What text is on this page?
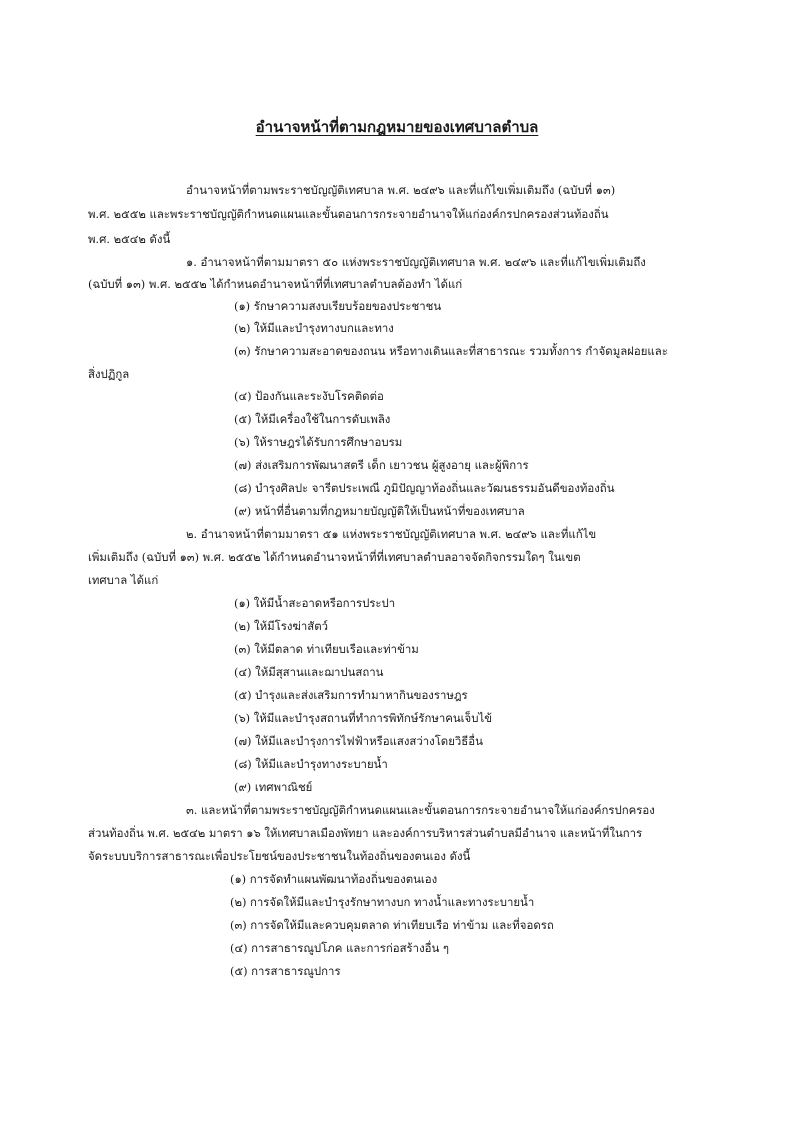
อำนาจหน้าที่ตามกฎหมายของเทศบาลตำบล

อำนาจหน้าที่ตามพระราชบัญญัติเทศบาล พ.ศ. ๒๔๙๖ และที่แก้ไขเพิ่มเติมถึง (ฉบับที่ ๑๓)

พ.ศ. ๒๕๕๒ และพระราชบัญญัติกำหนดแผนและขั้นตอนการกระจายอำนาจให้แก่องค์กรปกครองส่วนท้องถิ่น

พ.ศ. ๒๕๔๒ ดังนี้

๑. อำนาจหน้าที่ตามมาตรา ๕๐ แห่งพระราชบัญญัติเทศบาล พ.ศ. ๒๔๙๖ และที่แก้ไขเพิ่มเติมถึง

(ฉบับที่ ๑๓) พ.ศ. ๒๕๕๒ ได้กำหนดอำนาจหน้าที่ที่เทศบาลตำบลต้องทำ ได้แก่

(๑) รักษาความสงบเรียบร้อยของประชาชน

(๒) ให้มีและบำรุงทางบกและทาง

(๓) รักษาความสะอาดของถนน หรือทางเดินและที่สาธารณะ รวมทั้งการ กำจัดมูลฝอยและ

สิ่งปฏิกูล

(๔) ป้องกันและระงับโรคติดต่อ

(๕) ให้มีเครื่องใช้ในการดับเพลิง

(๖) ให้ราษฎรได้รับการศึกษาอบรม

(๗) ส่งเสริมการพัฒนาสตรี เด็ก เยาวชน ผู้สูงอายุ และผู้พิการ

(๘) บำรุงศิลปะ จารีตประเพณี ภูมิปัญญาท้องถิ่นและวัฒนธรรมอันดีของท้องถิ่น

(๙) หน้าที่อื่นตามที่กฎหมายบัญญัติให้เป็นหน้าที่ของเทศบาล

๒. อำนาจหน้าที่ตามมาตรา ๕๑ แห่งพระราชบัญญัติเทศบาล พ.ศ. ๒๔๙๖ และที่แก้ไข

เพิ่มเติมถึง (ฉบับที่ ๑๓) พ.ศ. ๒๕๕๒ ได้กำหนดอำนาจหน้าที่ที่เทศบาลตำบลอาจจัดกิจกรรมใดๆ ในเขต

เทศบาล ได้แก่

(๑) ให้มีน้ำสะอาดหรือการประปา

(๒) ให้มีโรงฆ่าสัตว์

(๓) ให้มีตลาด ท่าเทียบเรือและท่าข้าม

(๔) ให้มีสุสานและฌาปนสถาน

(๕) บำรุงและส่งเสริมการทำมาหากินของราษฎร

(๖) ให้มีและบำรุงสถานที่ทำการพิทักษ์รักษาคนเจ็บไข้

(๗) ให้มีและบำรุงการไฟฟ้าหรือแสงสว่างโดยวิธีอื่น

(๘) ให้มีและบำรุงทางระบายน้ำ

(๙) เทศพาณิชย์

๓. และหน้าที่ตามพระราชบัญญัติกำหนดแผนและขั้นตอนการกระจายอำนาจให้แก่องค์กรปกครอง

ส่วนท้องถิ่น พ.ศ. ๒๕๔๒ มาตรา ๑๖ ให้เทศบาลเมืองพัทยา และองค์การบริหารส่วนตำบลมีอำนาจ และหน้าที่ในการ

จัดระบบบริการสาธารณะเพื่อประโยชน์ของประชาชนในท้องถิ่นของตนเอง ดังนี้

(๑) การจัดทำแผนพัฒนาท้องถิ่นของตนเอง

(๒) การจัดให้มีและบำรุงรักษาทางบก ทางน้ำและทางระบายน้ำ

(๓) การจัดให้มีและควบคุมตลาด ท่าเทียบเรือ ท่าข้าม และที่จอดรถ

(๔) การสาธารณูปโภค และการก่อสร้างอื่น ๆ

(๕) การสาธารณูปการ
